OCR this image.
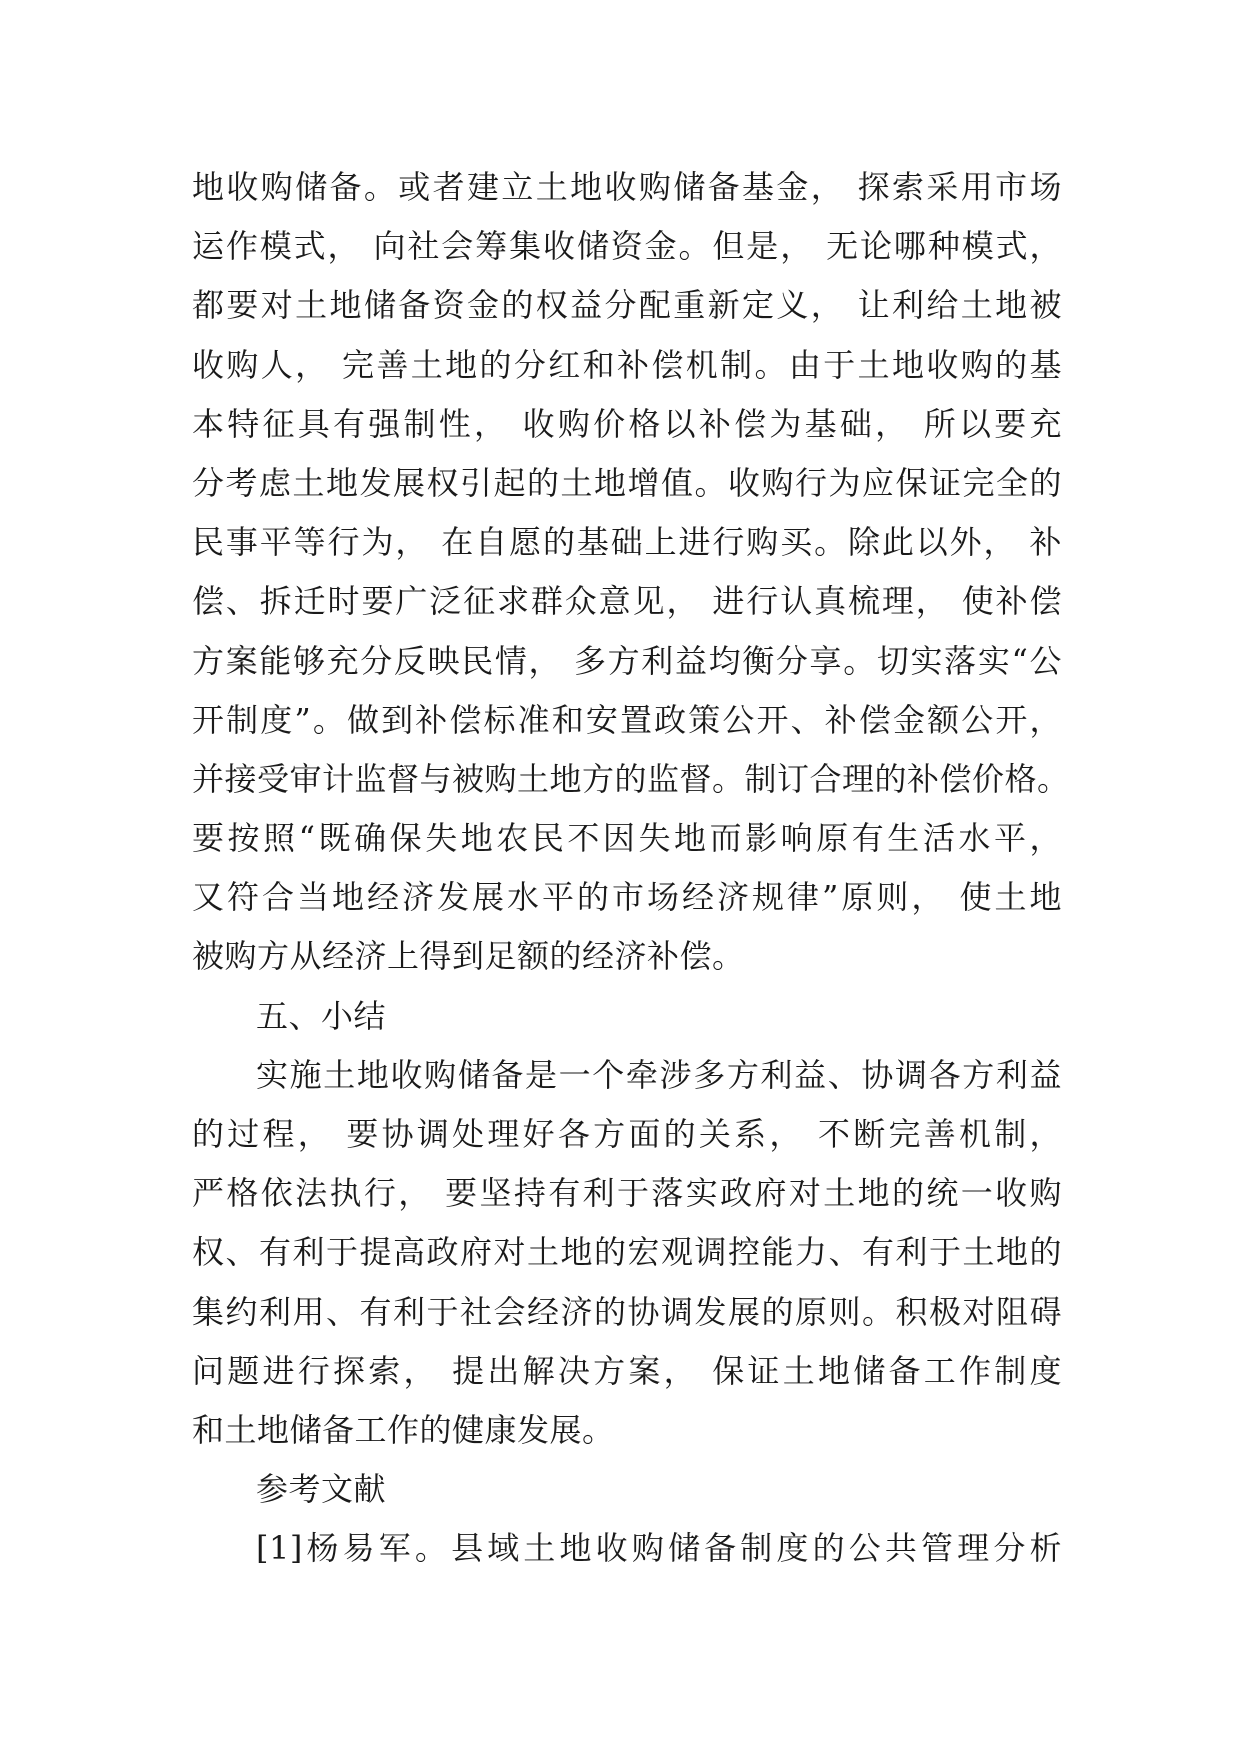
地收购储备。或者建立土地收购储备基金， 探索采用市场
运作模式， 向社会筹集收储资金。但是， 无论哪种模式，
都要对土地储备资金的权益分配重新定义， 让利给土地被
收购人， 完善土地的分红和补偿机制。由于土地收购的基
本特征具有强制性， 收购价格以补偿为基础， 所以要充
分考虑土地发展权引起的土地增值。收购行为应保证完全的
民事平等行为， 在自愿的基础上进行购买。除此以外， 补
偿、拆迁时要广泛征求群众意见， 进行认真梳理， 使补偿
方案能够充分反映民情， 多方利益均衡分享。切实落实“公
开制度”。做到补偿标准和安置政策公开、补偿金额公开，
并接受审计监督与被购土地方的监督。制订合理的补偿价格。
要按照“既确保失地农民不因失地而影响原有生活水平，
又符合当地经济发展水平的市场经济规律”原则， 使土地
被购方从经济上得到足额的经济补偿。
五、小结
实施土地收购储备是一个牵涉多方利益、协调各方利益
的过程， 要协调处理好各方面的关系， 不断完善机制，
严格依法执行， 要坚持有利于落实政府对土地的统一收购
权、有利于提高政府对土地的宏观调控能力、有利于土地的
集约利用、有利于社会经济的协调发展的原则。积极对阻碍
问题进行探索， 提出解决方案， 保证土地储备工作制度
和土地储备工作的健康发展。
参考文献
[1]杨易军。县域土地收购储备制度的公共管理分析
